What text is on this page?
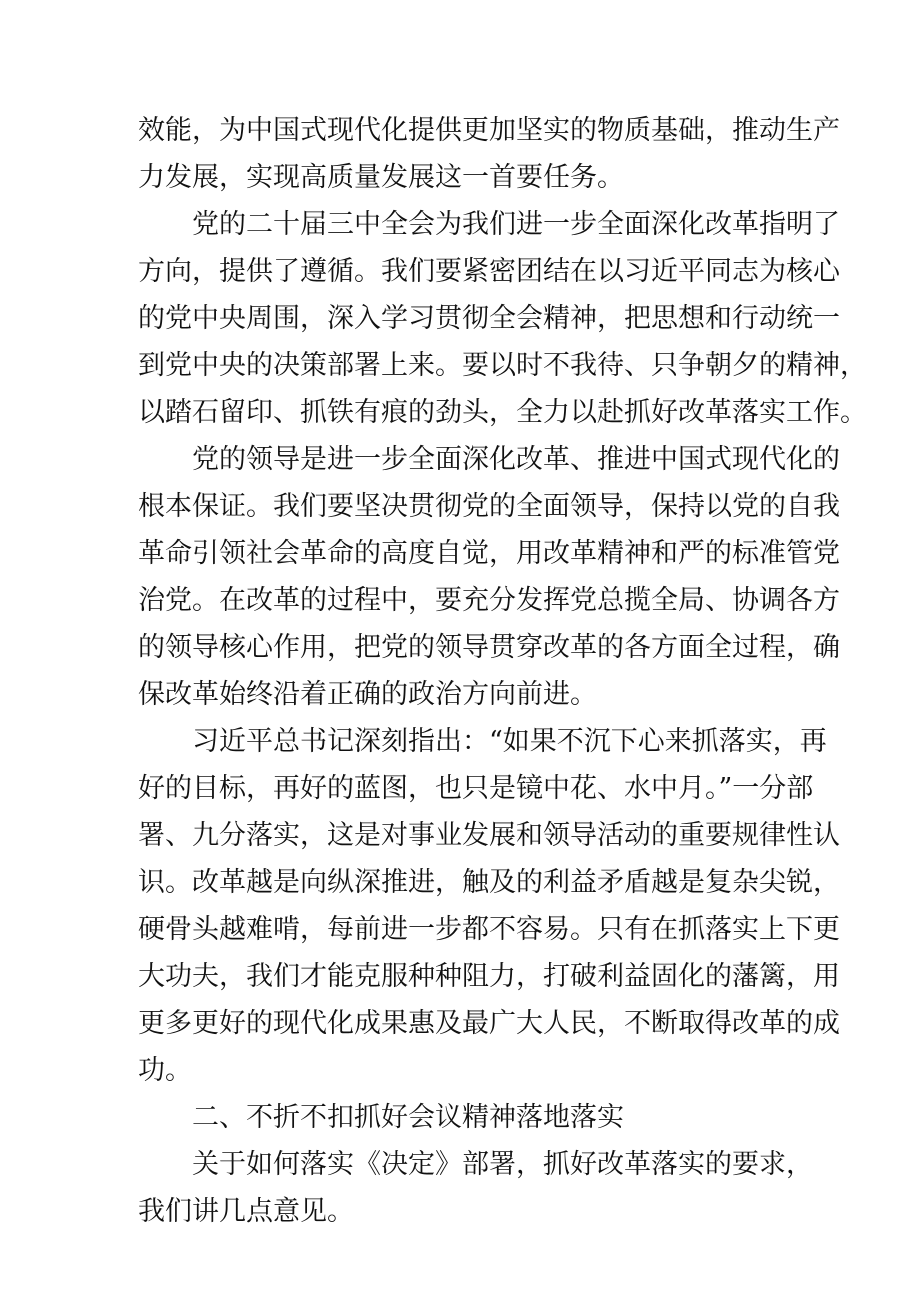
效能，为中国式现代化提供更加坚实的物质基础，推动生产
力发展，实现高质量发展这一首要任务。
党的二十届三中全会为我们进一步全面深化改革指明了
方向，提供了遵循。我们要紧密团结在以习近平同志为核心
的党中央周围，深入学习贯彻全会精神，把思想和行动统一
到党中央的决策部署上来。要以时不我待、只争朝夕的精神，
以踏石留印、抓铁有痕的劲头，全力以赴抓好改革落实工作。
党的领导是进一步全面深化改革、推进中国式现代化的
根本保证。我们要坚决贯彻党的全面领导，保持以党的自我
革命引领社会革命的高度自觉，用改革精神和严的标准管党
治党。在改革的过程中，要充分发挥党总揽全局、协调各方
的领导核心作用，把党的领导贯穿改革的各方面全过程，确
保改革始终沿着正确的政治方向前进。
习近平总书记深刻指出：“如果不沉下心来抓落实，再
好的目标，再好的蓝图，也只是镜中花、水中月。”一分部
署、九分落实，这是对事业发展和领导活动的重要规律性认
识。改革越是向纵深推进，触及的利益矛盾越是复杂尖锐，
硬骨头越难啃，每前进一步都不容易。只有在抓落实上下更
大功夫，我们才能克服种种阻力，打破利益固化的藩篱，用
更多更好的现代化成果惠及最广大人民，不断取得改革的成
功。
二、不折不扣抓好会议精神落地落实
关于如何落实《决定》部署，抓好改革落实的要求，
我们讲几点意见。
